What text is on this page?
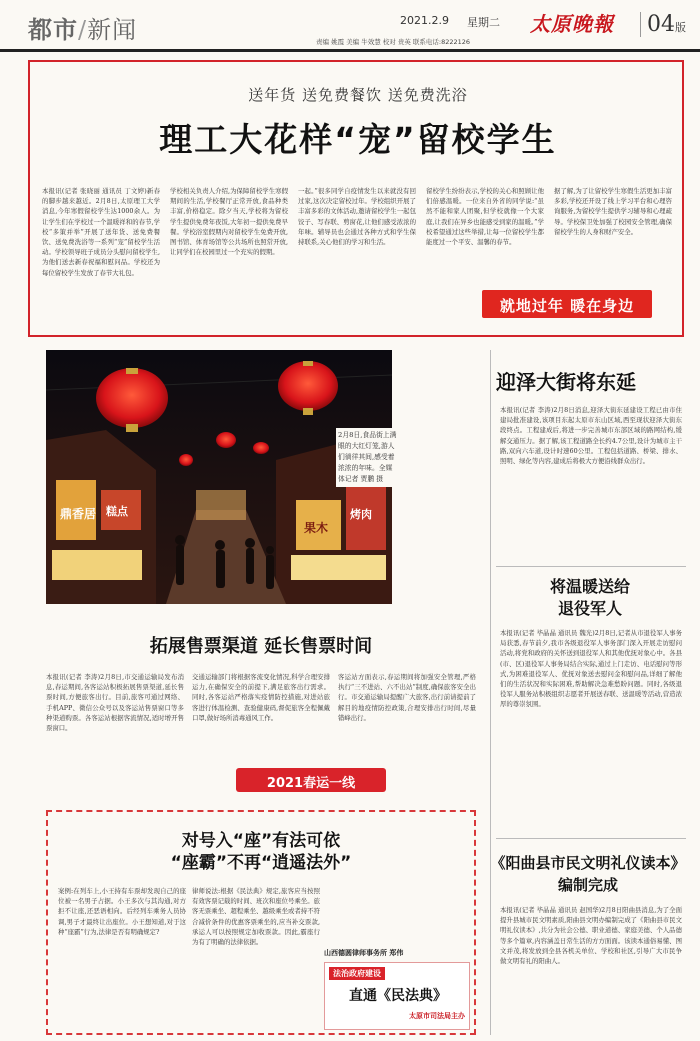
都市/新闻	2021.2.9 星期二 太原晚報	04版
责编 姚霞 美编 牛效慧 校对 贵英 联系电话:8222126
送年货 送免费餐饮 送免费洗浴
理工大花样“宠”留校学生
本报讯(记者 张晓丽 通讯员 丁文婷)新春的脚步越来越近。2月8日,太原理工大学消息,今年寒假留校学生达1000余人。为让学生们在学校过一个温暖祥和的春节,学校“多策并举”开展了送年货、送免费餐饮、送免费洗浴等一系列“宠”留校学生活动。学校领导班子成员分头慰问留校学生,为他们送去新春祝福和慰问品。学校还为每位留校学生发放了春节大礼包。
学校相关负责人介绍,为保障留校学生寒假期间的生活,学校餐厅正常开放,食品种类丰富,价格稳定。除夕当天,学校将为留校学生提供免费年夜饭,大年初一提供免费早餐。学校浴室假期内对留校学生免费开放,图书馆、体育场馆等公共场所也照常开放,让同学们在校园里过一个充实的假期。
一起。”很多同学自疫情发生以来就没有回过家,这次决定留校过年。学校组织开展了丰富多彩的文体活动,邀请留校学生一起包饺子、写春联、剪窗花,让他们感受浓浓的年味。辅导员也会通过各种方式和学生保持联系,关心他们的学习和生活。
留校学生纷纷表示,学校的关心和照顾让他们倍感温暖。一位来自外省的同学说:“虽然不能和家人团聚,但学校就像一个大家庭,让我们在异乡也能感受到家的温暖。”学校希望通过这些举措,让每一位留校学生都能度过一个平安、温馨的春节。
据了解,为了让留校学生寒假生活更加丰富多彩,学校还开设了线上学习平台和心理咨询服务,为留校学生提供学习辅导和心理疏导。学校保卫处加强了校园安全管理,确保留校学生的人身和财产安全。
就地过年 暖在身边
鼎香居 糕点
果木
烤肉
2月8日,食品街上满眼的大红灯笼,游人们徜徉其间,感受着浓浓的年味。全媒体记者 贾鹏 摄
迎泽大街将东延
本报讯(记者 李涛)2月8日消息,迎泽大街东延建设工程已由市住建局批准建设,该项目东起太原市东山区域,西至现状迎泽大街东段终点。工程建成后,将进一步完善城市东部区域的路网结构,缓解交通压力。据了解,该工程道路全长约4.7公里,设计为城市主干路,双向六车道,设计时速60公里。工程包括道路、桥梁、排水、照明、绿化等内容,建成后将极大方便沿线群众出行。
将温暖送给
退役军人
本报讯(记者 毕晶晶 通讯员 魏光)2月8日,记者从市退役军人事务局获悉,春节前夕,我市各级退役军人事务部门深入开展走访慰问活动,将党和政府的关怀送到退役军人和其他优抚对象心中。各县(市、区)退役军人事务局结合实际,通过上门走访、电话慰问等形式,为困难退役军人、优抚对象送去慰问金和慰问品,详细了解他们的生活状况和实际困难,帮助解决急难愁盼问题。同时,各级退役军人服务站积极组织志愿者开展送春联、送温暖等活动,营造浓厚的尊崇氛围。
《阳曲县市民文明礼仪读本》
编制完成
本报讯(记者 毕晶晶 通讯员 赵国华)2月8日阳曲县消息,为了全面提升县城市民文明素质,阳曲县文明办编制完成了《阳曲县市民文明礼仪读本》,共分为社会公德、职业道德、家庭美德、个人品德等多个篇章,内容涵盖日常生活的方方面面。该读本通俗易懂、图文并茂,将发放到全县各机关单位、学校和社区,引导广大市民争做文明有礼的阳曲人。
拓展售票渠道 延长售票时间
本报讯(记者 李涛)2月8日,市交通运输局发布消息,春运期间,各客运站积极拓展售票渠道,延长售票时间,方便旅客出行。目前,旅客可通过网络、手机APP、微信公众号以及客运站售票窗口等多种渠道购票。各客运站根据客流情况,适时增开售票窗口。
交通运输部门将根据客流变化情况,科学合理安排运力,在确保安全的前提下,满足旅客出行需求。同时,各客运站严格落实疫情防控措施,对进站旅客进行体温检测、查验健康码,督促旅客全程佩戴口罩,做好场所消毒通风工作。
客运站方面表示,春运期间将加强安全管理,严格执行“三不进站、六不出站”制度,确保旅客安全出行。市交通运输局提醒广大旅客,出行前请提前了解目的地疫情防控政策,合理安排出行时间,尽量错峰出行。
2021春运一线
对号入“座”有法可依
“座霸”不再“逍遥法外”
案例:在列车上,小王持有车票却发现自己的座位被一名男子占据。小王多次与其沟通,对方拒不让座,还恶语相向。后经列车乘务人员协调,男子才最终让出座位。小王想知道,对于这种“座霸”行为,法律是否有明确规定?
律师说法:根据《民法典》规定,旅客应当按照有效客票记载的时间、班次和座位号乘坐。旅客无票乘坐、超程乘坐、越级乘坐或者持不符合减价条件的优惠客票乘坐的,应当补交票款,承运人可以按照规定加收票款。因此,霸座行为有了明确的法律依据。
山西德圆律师事务所 郑伟
法治政府建设
直通《民法典》
太原市司法局主办
